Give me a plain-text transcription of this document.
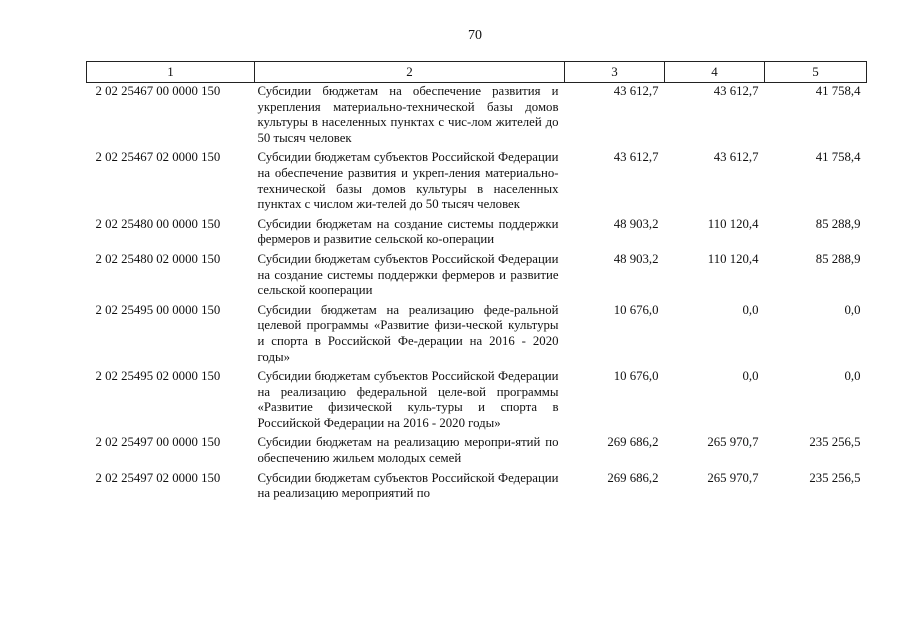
70
1	2	3	4	5
2 02 25467 00 0000 150	Субсидии бюджетам на обеспечение развития и укрепления материально-технической базы домов культуры в населенных пунктах с чис-лом жителей до 50 тысяч человек	43 612,7	43 612,7	41 758,4
2 02 25467 02 0000 150	Субсидии бюджетам субъектов Российской Федерации на обеспечение развития и укреп-ления материально-технической базы домов культуры в населенных пунктах с числом жи-телей до 50 тысяч человек	43 612,7	43 612,7	41 758,4
2 02 25480 00 0000 150	Субсидии бюджетам на создание системы поддержки фермеров и развитие сельской ко-операции	48 903,2	110 120,4	85 288,9
2 02 25480 02 0000 150	Субсидии бюджетам субъектов Российской Федерации на создание системы поддержки фермеров и развитие сельской кооперации	48 903,2	110 120,4	85 288,9
2 02 25495 00 0000 150	Субсидии бюджетам на реализацию феде-ральной целевой программы «Развитие физи-ческой культуры и спорта в Российской Фе-дерации на 2016 - 2020 годы»	10 676,0	0,0	0,0
2 02 25495 02 0000 150	Субсидии бюджетам субъектов Российской Федерации на реализацию федеральной целе-вой программы «Развитие физической куль-туры и спорта в Российской Федерации на 2016 - 2020 годы»	10 676,0	0,0	0,0
2 02 25497 00 0000 150	Субсидии бюджетам на реализацию меропри-ятий по обеспечению жильем молодых семей	269 686,2	265 970,7	235 256,5
2 02 25497 02 0000 150	Субсидии бюджетам субъектов Российской Федерации на реализацию мероприятий по	269 686,2	265 970,7	235 256,5
